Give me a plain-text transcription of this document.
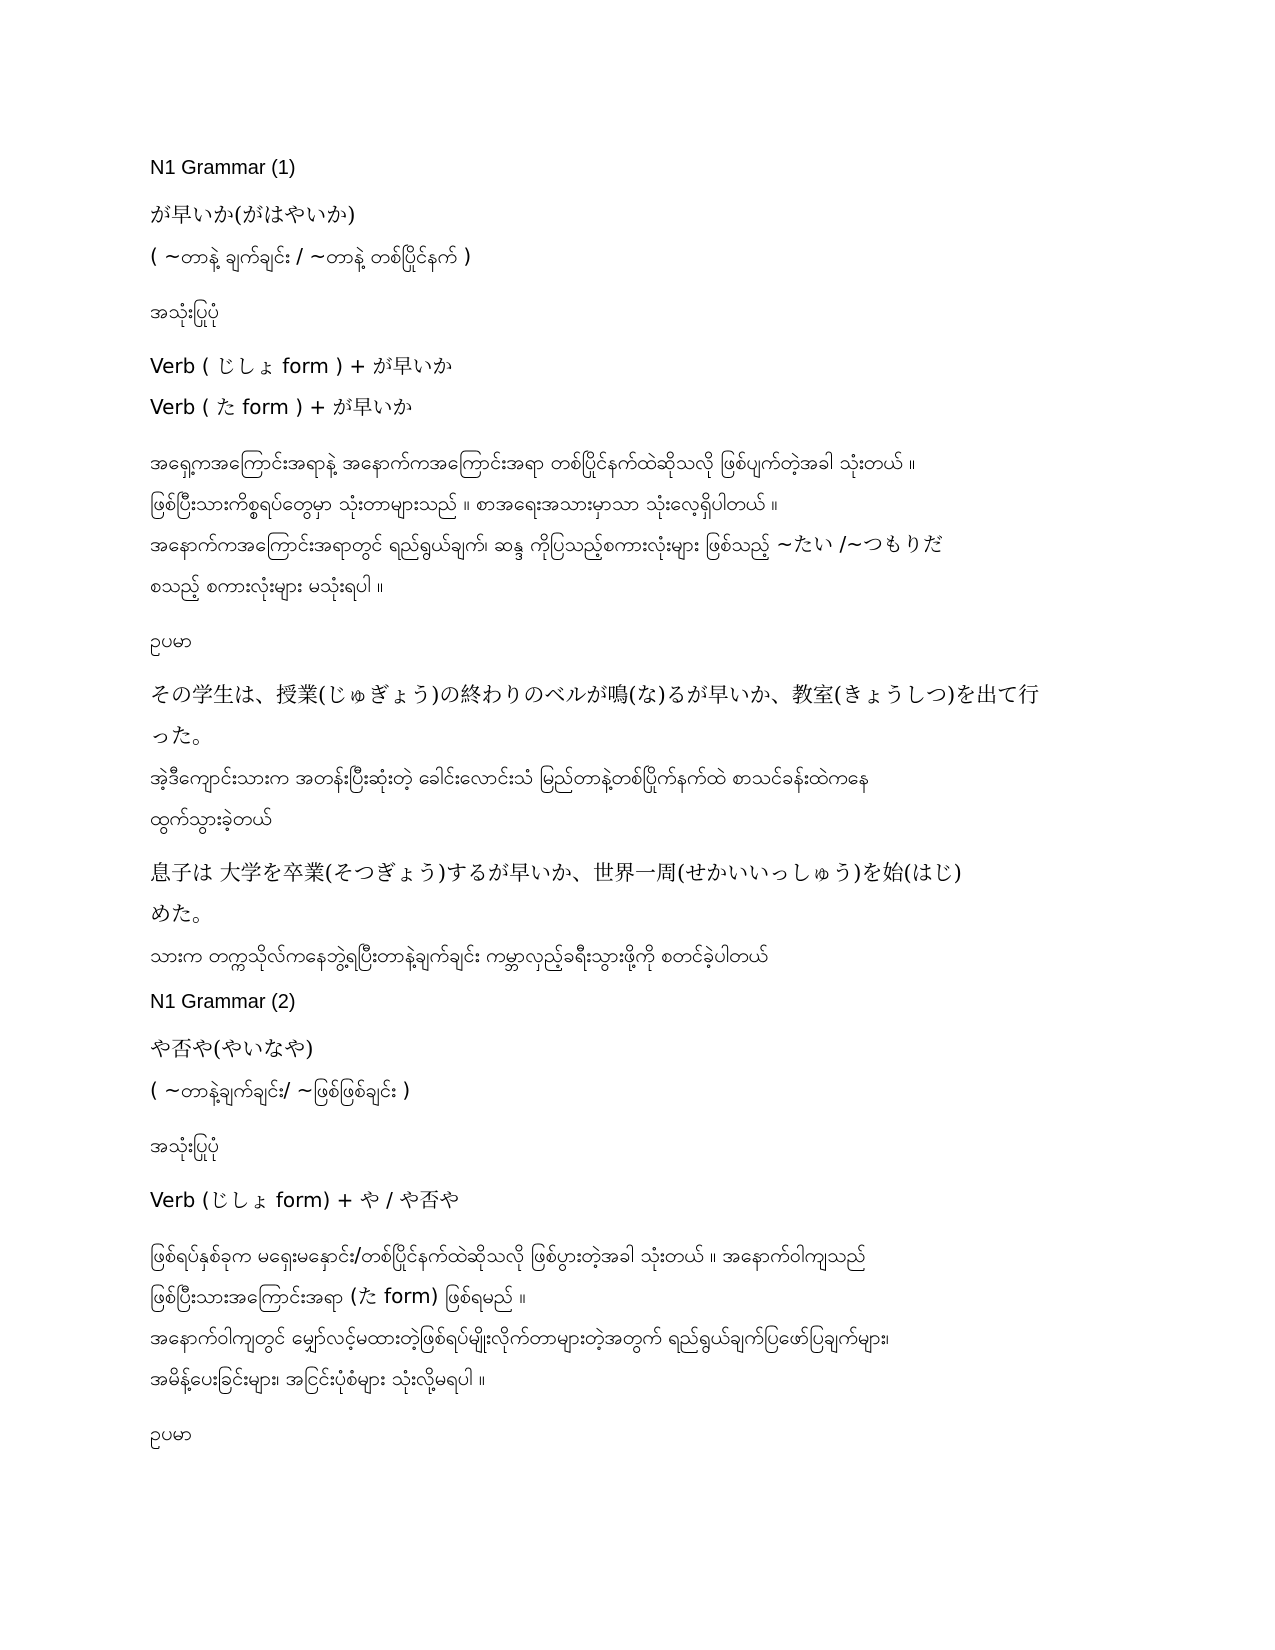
N1 Grammar (1)
が早いか(がはやいか)
( ~တာနဲ့ ချက်ချင်း / ~တာနဲ့ တစ်ပြိုင်နက် )
အသုံးပြုပုံ
Verb ( じしょ form ) + が早いか
Verb ( た form ) + が早いか
အရှေ့ကအကြောင်းအရာနဲ့ အနောက်ကအကြောင်းအရာ တစ်ပြိုင်နက်ထဲဆိုသလို ဖြစ်ပျက်တဲ့အခါ သုံးတယ် ။
ဖြစ်ပြီးသားကိစ္စရပ်တွေမှာ သုံးတာများသည် ။ စာအရေးအသားမှာသာ သုံးလေ့ရှိပါတယ် ။
အနောက်ကအကြောင်းအရာတွင် ရည်ရွယ်ချက်၊ ဆန္ဒ ကိုပြသည့်စကားလုံးများ ဖြစ်သည့် ~たい /~つもりだ
စသည့် စကားလုံးများ မသုံးရပါ ။
ဥပမာ
その学生は、授業(じゅぎょう)の終わりのベルが鳴(な)るが早いか、教室(きょうしつ)を出て行
った。
အဲ့ဒီကျောင်းသားက အတန်းပြီးဆုံးတဲ့ ခေါင်းလောင်းသံ မြည်တာနဲ့တစ်ပြိုက်နက်ထဲ စာသင်ခန်းထဲကနေ
ထွက်သွားခဲ့တယ်
息子は 大学を卒業(そつぎょう)するが早いか、世界一周(せかいいっしゅう)を始(はじ)
めた。
သားက တက္ကသိုလ်ကနေဘွဲ့ရပြီးတာနဲ့ချက်ချင်း ကမ္ဘာလှည့်ခရီးသွားဖို့ကို စတင်ခဲ့ပါတယ်
N1 Grammar (2)
や否や(やいなや)
( ~တာနဲ့ချက်ချင်း/ ~ဖြစ်ဖြစ်ချင်း )
အသုံးပြုပုံ
Verb (じしょ form) + や / や否や
ဖြစ်ရပ်နှစ်ခုက မရှေးမနှောင်း/တစ်ပြိုင်နက်ထဲဆိုသလို ဖြစ်ပွားတဲ့အခါ သုံးတယ် ။ အနောက်ဝါကျသည်
ဖြစ်ပြီးသားအကြောင်းအရာ (た form) ဖြစ်ရမည် ။
အနောက်ဝါကျတွင် မျှော်လင့်မထားတဲ့ဖြစ်ရပ်မျိုးလိုက်တာများတဲ့အတွက် ရည်ရွယ်ချက်ပြဖော်ပြချက်များ၊
အမိန့်ပေးခြင်းများ၊ အငြင်းပုံစံများ သုံးလို့မရပါ ။
ဥပမာ
